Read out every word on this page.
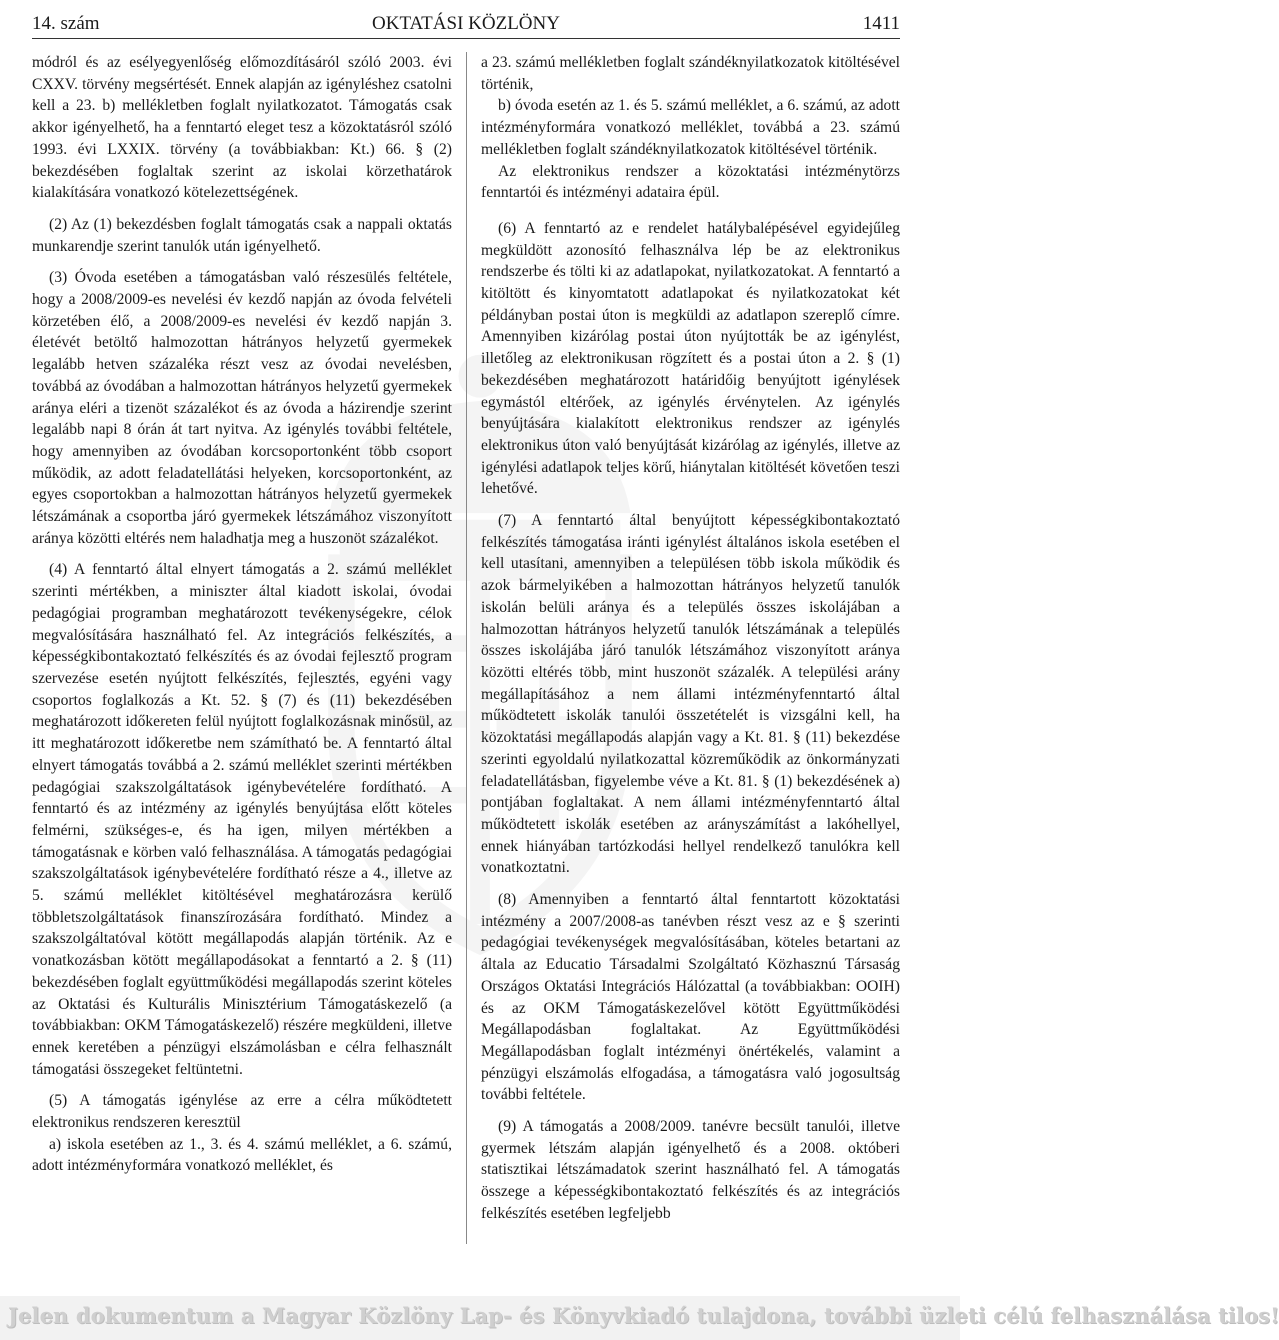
14. szám	OKTATÁSI KÖZLÖNY	1411

módról és az esélyegyenlőség előmozdításáról szóló 2003. évi CXXV. törvény megsértését. Ennek alapján az igényléshez csatolni kell a 23. b) mellékletben foglalt nyilatkozatot. Támogatás csak akkor igényelhető, ha a fenntartó eleget tesz a közoktatásról szóló 1993. évi LXXIX. törvény (a továbbiakban: Kt.) 66. § (2) bekezdésében foglaltak szerint az iskolai körzethatárok kialakítására vonatkozó kötelezettségének.

(2) Az (1) bekezdésben foglalt támogatás csak a nappali oktatás munkarendje szerint tanulók után igényelhető.

(3) Óvoda esetében a támogatásban való részesülés feltétele, hogy a 2008/2009-es nevelési év kezdő napján az óvoda felvételi körzetében élő, a 2008/2009-es nevelési év kezdő napján 3. életévét betöltő halmozottan hátrányos helyzetű gyermekek legalább hetven százaléka részt vesz az óvodai nevelésben, továbbá az óvodában a halmozottan hátrányos helyzetű gyermekek aránya eléri a tizenöt százalékot és az óvoda a házirendje szerint legalább napi 8 órán át tart nyitva. Az igénylés további feltétele, hogy amennyiben az óvodában korcsoportonként több csoport működik, az adott feladatellátási helyeken, korcsoportonként, az egyes csoportokban a halmozottan hátrányos helyzetű gyermekek létszámának a csoportba járó gyermekek létszámához viszonyított aránya közötti eltérés nem haladhatja meg a huszonöt százalékot.

(4) A fenntartó által elnyert támogatás a 2. számú melléklet szerinti mértékben, a miniszter által kiadott iskolai, óvodai pedagógiai programban meghatározott tevékenységekre, célok megvalósítására használható fel. Az integrációs felkészítés, a képességkibontakoztató felkészítés és az óvodai fejlesztő program szervezése esetén nyújtott felkészítés, fejlesztés, egyéni vagy csoportos foglalkozás a Kt. 52. § (7) és (11) bekezdésében meghatározott időkereten felül nyújtott foglalkozásnak minősül, az itt meghatározott időkeretbe nem számítható be. A fenntartó által elnyert támogatás továbbá a 2. számú melléklet szerinti mértékben pedagógiai szakszolgáltatások igénybevételére fordítható. A fenntartó és az intézmény az igénylés benyújtása előtt köteles felmérni, szükséges-e, és ha igen, milyen mértékben a támogatásnak e körben való felhasználása. A támogatás pedagógiai szakszolgáltatások igénybevételére fordítható része a 4., illetve az 5. számú melléklet kitöltésével meghatározásra kerülő többletszolgáltatások finanszírozására fordítható. Mindez a szakszolgáltatóval kötött megállapodás alapján történik. Az e vonatkozásban kötött megállapodásokat a fenntartó a 2. § (11) bekezdésében foglalt együttműködési megállapodás szerint köteles az Oktatási és Kulturális Minisztérium Támogatáskezelő (a továbbiakban: OKM Támogatáskezelő) részére megküldeni, illetve ennek keretében a pénzügyi elszámolásban e célra felhasznált támogatási összegeket feltüntetni.

(5) A támogatás igénylése az erre a célra működtetett elektronikus rendszeren keresztül

a) iskola esetében az 1., 3. és 4. számú melléklet, a 6. számú, adott intézményformára vonatkozó melléklet, és

a 23. számú mellékletben foglalt szándéknyilatkozatok kitöltésével történik,

b) óvoda esetén az 1. és 5. számú melléklet, a 6. számú, az adott intézményformára vonatkozó melléklet, továbbá a 23. számú mellékletben foglalt szándéknyilatkozatok kitöltésével történik.

Az elektronikus rendszer a közoktatási intézménytörzs fenntartói és intézményi adataira épül.

(6) A fenntartó az e rendelet hatálybalépésével egyidejűleg megküldött azonosító felhasználva lép be az elektronikus rendszerbe és tölti ki az adatlapokat, nyilatkozatokat. A fenntartó a kitöltött és kinyomtatott adatlapokat és nyilatkozatokat két példányban postai úton is megküldi az adatlapon szereplő címre. Amennyiben kizárólag postai úton nyújtották be az igénylést, illetőleg az elektronikusan rögzített és a postai úton a 2. § (1) bekezdésében meghatározott határidőig benyújtott igénylések egymástól eltérőek, az igénylés érvénytelen. Az igénylés benyújtására kialakított elektronikus rendszer az igénylés elektronikus úton való benyújtását kizárólag az igénylés, illetve az igénylési adatlapok teljes körű, hiánytalan kitöltését követően teszi lehetővé.

(7) A fenntartó által benyújtott képességkibontakoztató felkészítés támogatása iránti igénylést általános iskola esetében el kell utasítani, amennyiben a településen több iskola működik és azok bármelyikében a halmozottan hátrányos helyzetű tanulók iskolán belüli aránya és a település összes iskolájában a halmozottan hátrányos helyzetű tanulók létszámának a település összes iskolájába járó tanulók létszámához viszonyított aránya közötti eltérés több, mint huszonöt százalék. A települési arány megállapításához a nem állami intézményfenntartó által működtetett iskolák tanulói összetételét is vizsgálni kell, ha közoktatási megállapodás alapján vagy a Kt. 81. § (11) bekezdése szerinti egyoldalú nyilatkozattal közreműködik az önkormányzati feladatellátásban, figyelembe véve a Kt. 81. § (1) bekezdésének a) pontjában foglaltakat. A nem állami intézményfenntartó által működtetett iskolák esetében az arányszámítást a lakóhellyel, ennek hiányában tartózkodási hellyel rendelkező tanulókra kell vonatkoztatni.

(8) Amennyiben a fenntartó által fenntartott közoktatási intézmény a 2007/2008-as tanévben részt vesz az e § szerinti pedagógiai tevékenységek megvalósításában, köteles betartani az általa az Educatio Társadalmi Szolgáltató Közhasznú Társaság Országos Oktatási Integrációs Hálózattal (a továbbiakban: OOIH) és az OKM Támogatáskezelővel kötött Együttműködési Megállapodásban foglaltakat. Az Együttműködési Megállapodásban foglalt intézményi önértékelés, valamint a pénzügyi elszámolás elfogadása, a támogatásra való jogosultság további feltétele.

(9) A támogatás a 2008/2009. tanévre becsült tanulói, illetve gyermek létszám alapján igényelhető és a 2008. októberi statisztikai létszámadatok szerint használható fel. A támogatás összege a képességkibontakoztató felkészítés és az integrációs felkészítés esetében legfeljebb

Jelen dokumentum a Magyar Közlöny Lap- és Könyvkiadó tulajdona, további üzleti célú felhasználása tilos!
